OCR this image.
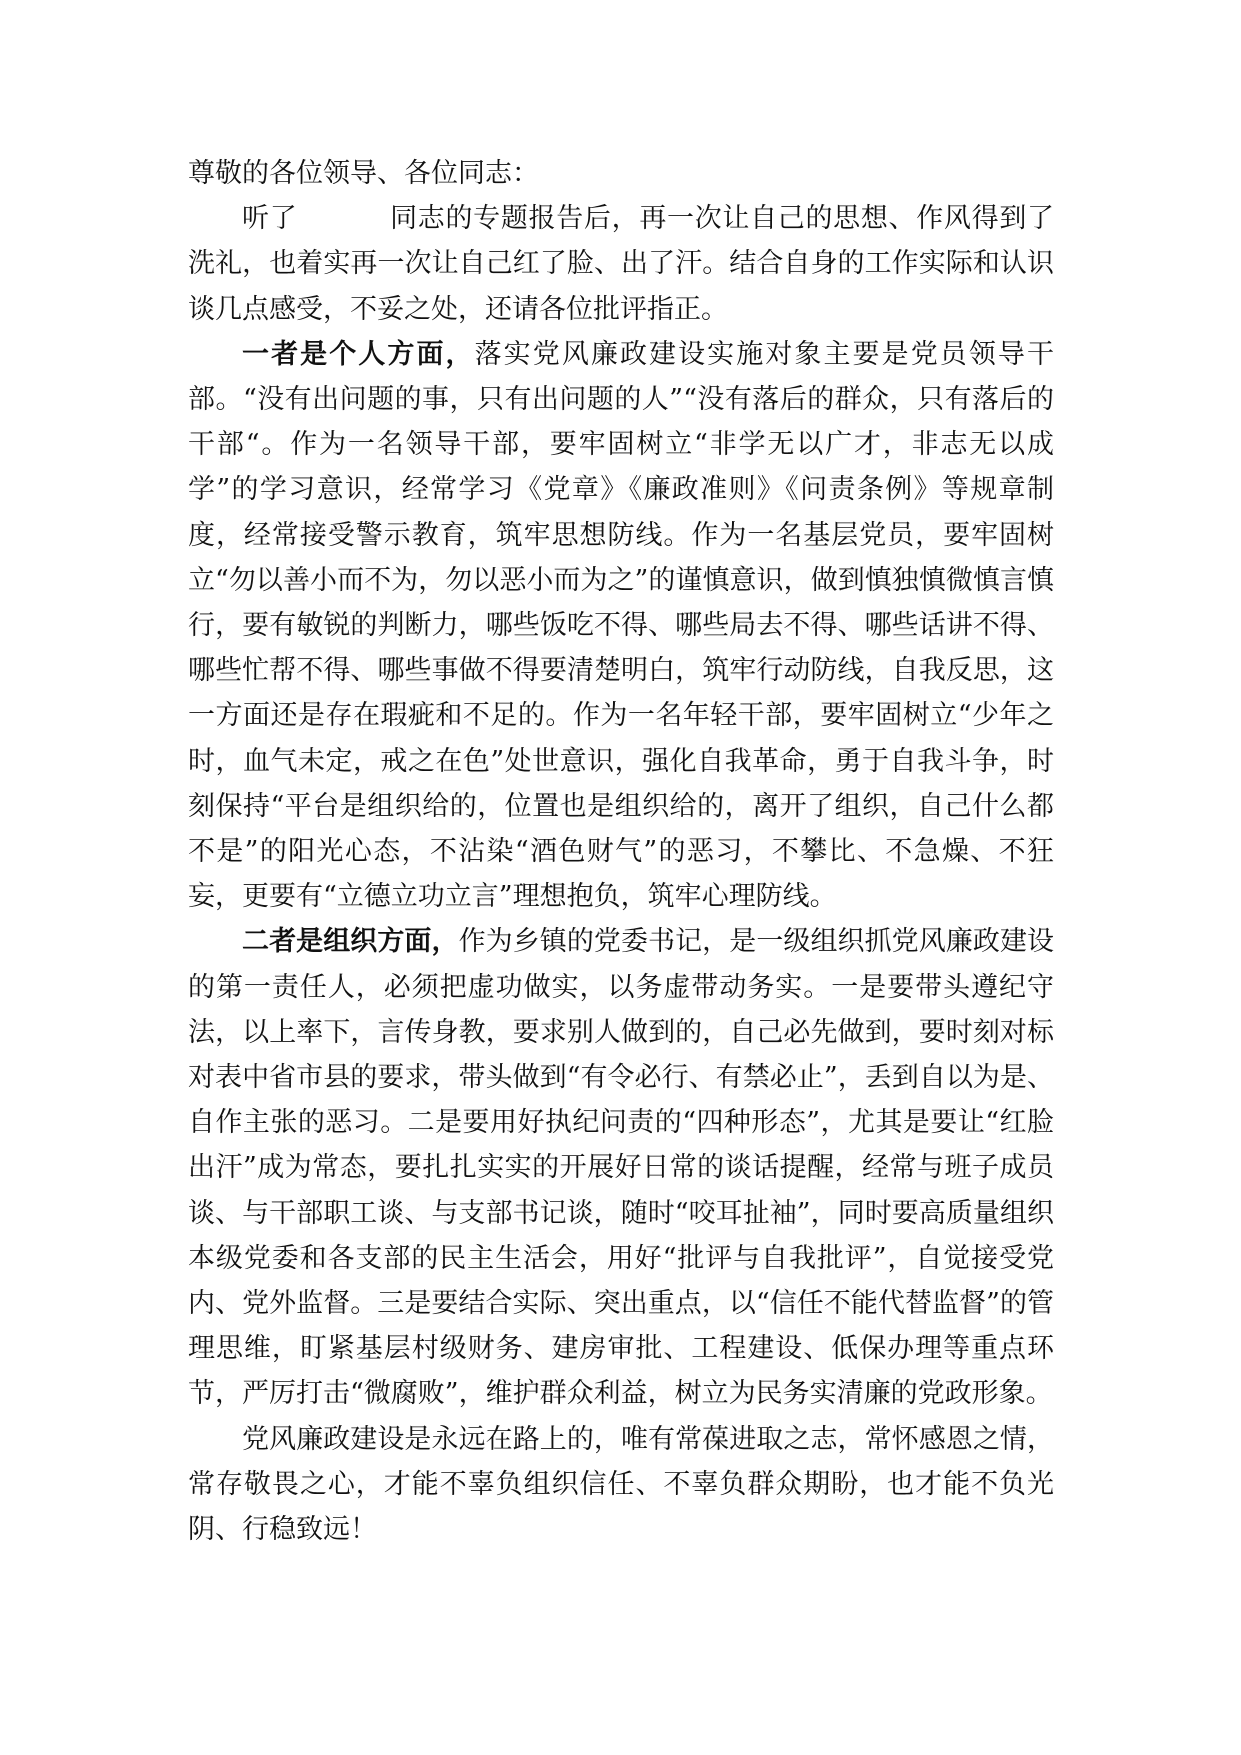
尊敬的各位领导、各位同志：

听了	同志的专题报告后，再一次让自己的思想、作风得到了洗礼，也着实再一次让自己红了脸、出了汗。结合自身的工作实际和认识谈几点感受，不妥之处，还请各位批评指正。

一者是个人方面，落实党风廉政建设实施对象主要是党员领导干部。“没有出问题的事，只有出问题的人”“没有落后的群众，只有落后的干部“。作为一名领导干部，要牢固树立“非学无以广才，非志无以成学”的学习意识，经常学习《党章》《廉政准则》《问责条例》等规章制度，经常接受警示教育，筑牢思想防线。作为一名基层党员，要牢固树立“勿以善小而不为，勿以恶小而为之”的谨慎意识，做到慎独慎微慎言慎行，要有敏锐的判断力，哪些饭吃不得、哪些局去不得、哪些话讲不得、哪些忙帮不得、哪些事做不得要清楚明白，筑牢行动防线，自我反思，这一方面还是存在瑕疵和不足的。作为一名年轻干部，要牢固树立“少年之时，血气未定，戒之在色”处世意识，强化自我革命，勇于自我斗争，时刻保持“平台是组织给的，位置也是组织给的，离开了组织，自己什么都不是”的阳光心态，不沾染“酒色财气”的恶习，不攀比、不急燥、不狂妄，更要有“立德立功立言”理想抱负，筑牢心理防线。

二者是组织方面，作为乡镇的党委书记，是一级组织抓党风廉政建设的第一责任人，必须把虚功做实，以务虚带动务实。一是要带头遵纪守法，以上率下，言传身教，要求别人做到的，自己必先做到，要时刻对标对表中省市县的要求，带头做到“有令必行、有禁必止”，丢到自以为是、自作主张的恶习。二是要用好执纪问责的“四种形态”，尤其是要让“红脸出汗”成为常态，要扎扎实实的开展好日常的谈话提醒，经常与班子成员谈、与干部职工谈、与支部书记谈，随时“咬耳扯袖”，同时要高质量组织本级党委和各支部的民主生活会，用好“批评与自我批评”，自觉接受党内、党外监督。三是要结合实际、突出重点，以“信任不能代替监督”的管理思维，盯紧基层村级财务、建房审批、工程建设、低保办理等重点环节，严厉打击“微腐败”，维护群众利益，树立为民务实清廉的党政形象。

党风廉政建设是永远在路上的，唯有常葆进取之志，常怀感恩之情，常存敬畏之心，才能不辜负组织信任、不辜负群众期盼，也才能不负光阴、行稳致远！
